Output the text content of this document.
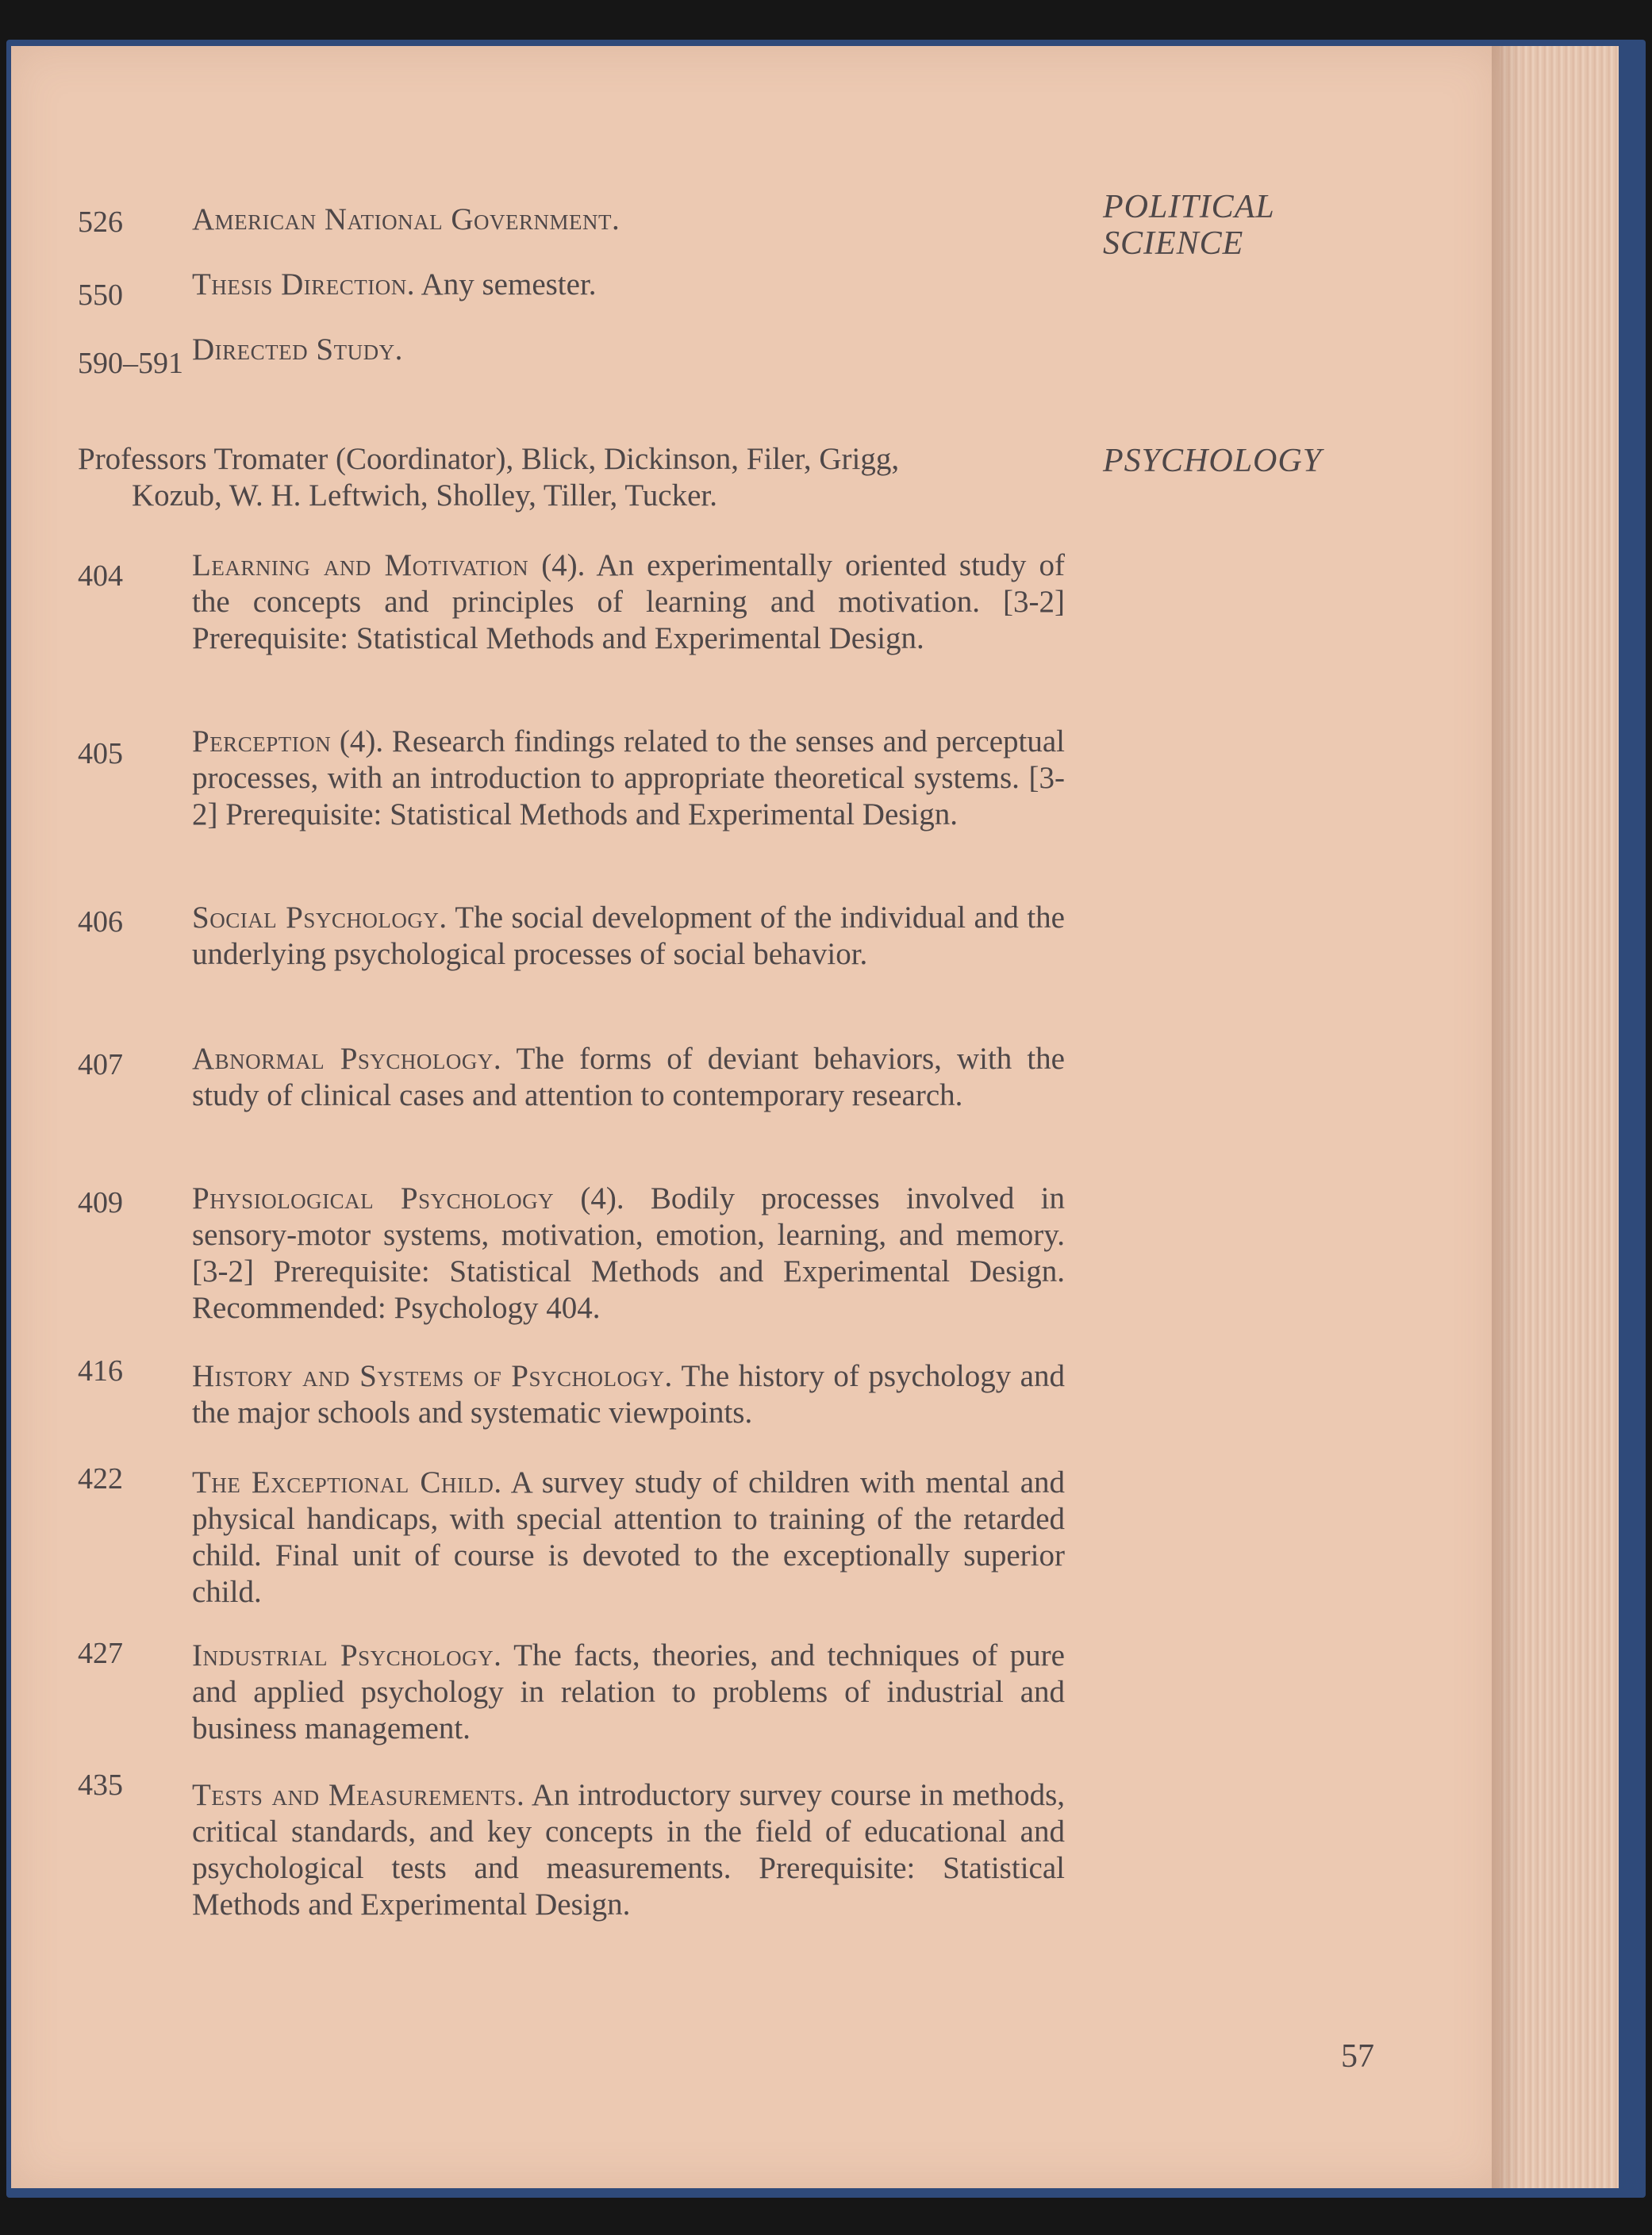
POLITICAL
SCIENCE
PSYCHOLOGY
526 American National Government.
550 Thesis Direction. Any semester.
590–591 Directed Study.
Professors Tromater (Coordinator), Blick, Dickinson, Filer, Grigg,
Kozub, W. H. Leftwich, Sholley, Tiller, Tucker.
404 Learning and Motivation (4). An experimentally oriented study of the concepts and principles of learning and motivation. [3-2] Prerequisite: Statistical Methods and Experimental Design.
405 Perception (4). Research findings related to the senses and perceptual processes, with an introduction to appropriate theoretical systems. [3-2] Prerequisite: Statistical Methods and Experimental Design.
406 Social Psychology. The social development of the individual and the underlying psychological processes of social behavior.
407 Abnormal Psychology. The forms of deviant behaviors, with the study of clinical cases and attention to contemporary research.
409 Physiological Psychology (4). Bodily processes involved in sensory-motor systems, motivation, emotion, learning, and memory. [3-2] Prerequisite: Statistical Methods and Experimental Design. Recommended: Psychology 404.
416 History and Systems of Psychology. The history of psychology and the major schools and systematic viewpoints.
422 The Exceptional Child. A survey study of children with mental and physical handicaps, with special attention to training of the retarded child. Final unit of course is devoted to the exceptionally superior child.
427 Industrial Psychology. The facts, theories, and techniques of pure and applied psychology in relation to problems of industrial and business management.
435 Tests and Measurements. An introductory survey course in methods, critical standards, and key concepts in the field of educational and psychological tests and measurements. Prerequisite: Statistical Methods and Experimental Design.
57
